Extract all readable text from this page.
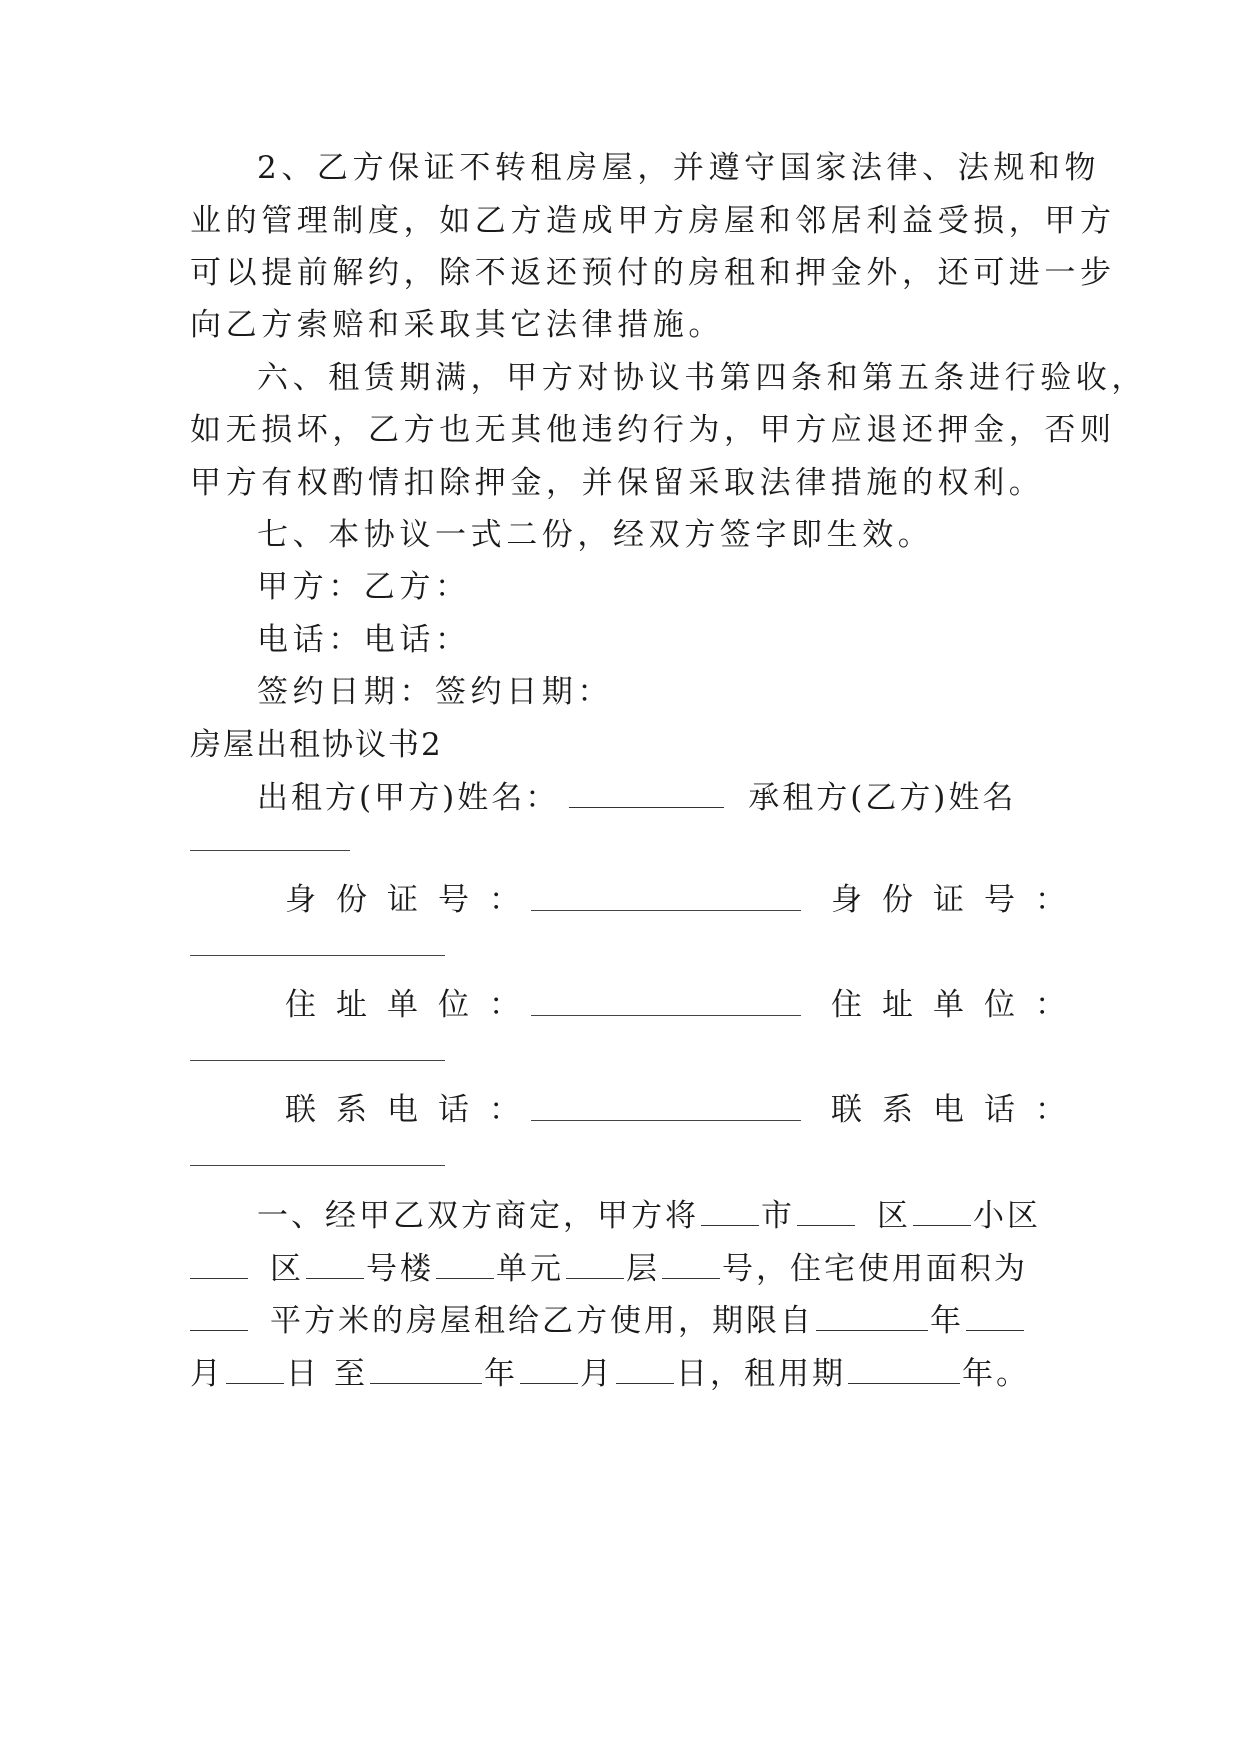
2、乙方保证不转租房屋，并遵守国家法律、法规和物
业的管理制度，如乙方造成甲方房屋和邻居利益受损，甲方
可以提前解约，除不返还预付的房租和押金外，还可进一步
向乙方索赔和采取其它法律措施。
六、租赁期满，甲方对协议书第四条和第五条进行验收，
如无损坏，乙方也无其他违约行为，甲方应退还押金，否则
甲方有权酌情扣除押金，并保留采取法律措施的权利。
七、本协议一式二份，经双方签字即生效。
甲方：乙方：
电话：电话：
签约日期：签约日期：
房屋出租协议书2
出租方(甲方)姓名：	承租方(乙方)姓名
身份证号：	身份证号：
住址单位：	住址单位：
联系电话：	联系电话：
一、经甲乙双方商定，甲方将 市	区 小区
区 号楼 单元 层 号，住宅使用面积为
平方米的房屋租给乙方使用，期限自	年
月 日 至	年 月 日，租用期	年。
